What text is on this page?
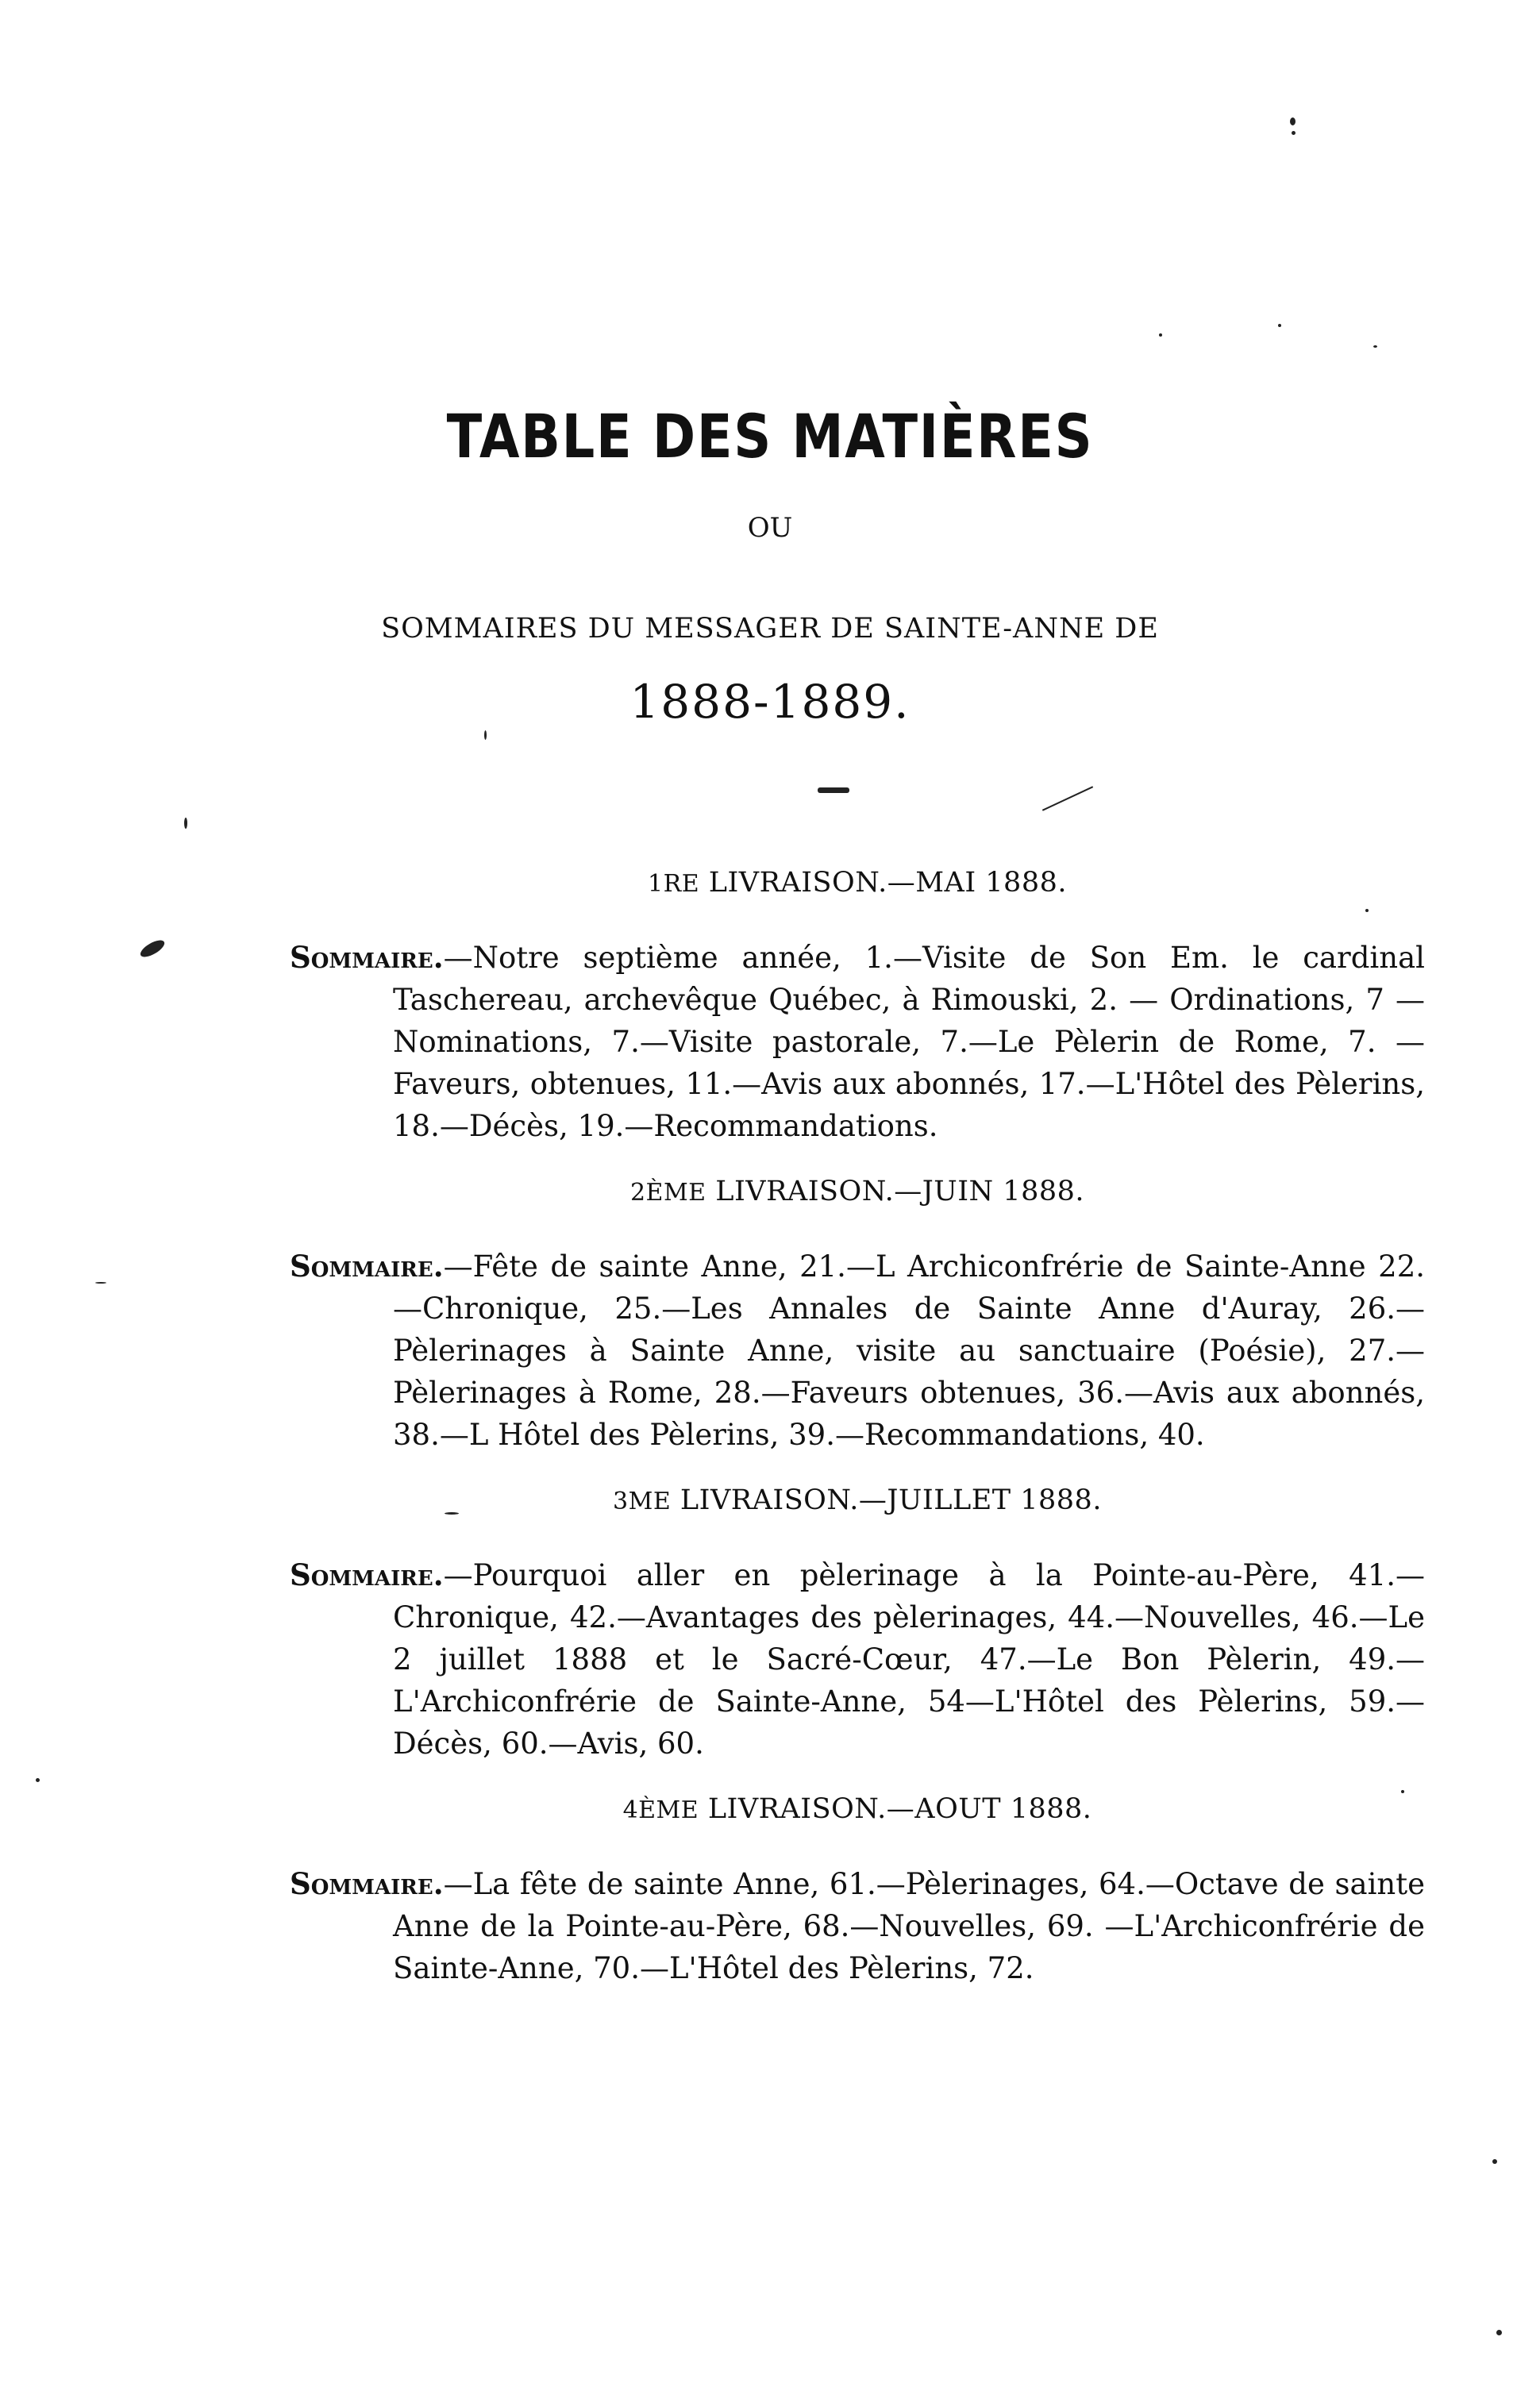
TABLE DES MATIÈRES
OU
SOMMAIRES DU MESSAGER DE SAINTE-ANNE DE
1888-1889.
1RE LIVRAISON.—MAI 1888.

Sommaire.—Notre septième année, 1.—Visite de Son Em. le cardinal Taschereau, archevêque Québec, à Rimouski, 2. — Ordinations, 7 —Nominations, 7.—Visite pastorale, 7.—Le Pèlerin de Rome, 7. —Faveurs, obtenues, 11.—Avis aux abonnés, 17.—L'Hôtel des Pèlerins, 18.—Décès, 19.—Recommandations.

2ÈME LIVRAISON.—JUIN 1888.

Sommaire.—Fête de sainte Anne, 21.—L Archiconfrérie de Sainte-Anne 22.—Chronique, 25.—Les Annales de Sainte Anne d'Auray, 26.—Pèlerinages à Sainte Anne, visite au sanctuaire (Poésie), 27.—Pèlerinages à Rome, 28.—Faveurs obtenues, 36.—Avis aux abonnés, 38.—L Hôtel des Pèlerins, 39.—Recommandations, 40.

3ME LIVRAISON.—JUILLET 1888.

Sommaire.—Pourquoi aller en pèlerinage à la Pointe-au-Père, 41.—Chronique, 42.—Avantages des pèlerinages, 44.—Nouvelles, 46.—Le 2 juillet 1888 et le Sacré-Cœur, 47.—Le Bon Pèlerin, 49.—L'Archiconfrérie de Sainte-Anne, 54—L'Hôtel des Pèlerins, 59.—Décès, 60.—Avis, 60.

4ÈME LIVRAISON.—AOUT 1888.

Sommaire.—La fête de sainte Anne, 61.—Pèlerinages, 64.—Octave de sainte Anne de la Pointe-au-Père, 68.—Nouvelles, 69. —L'Archiconfrérie de Sainte-Anne, 70.—L'Hôtel des Pèlerins, 72.
